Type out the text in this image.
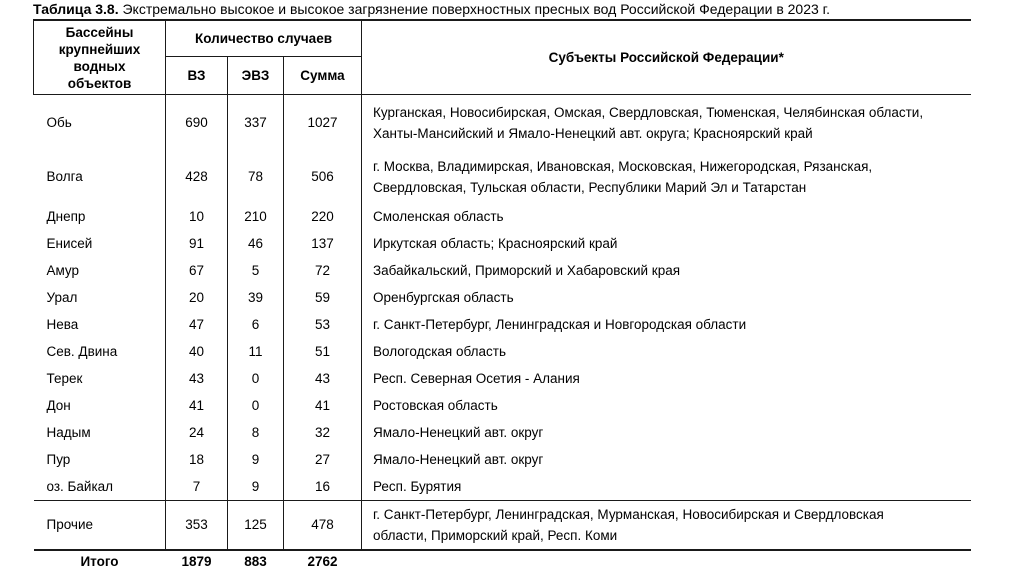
Таблица 3.8. Экстремально высокое и высокое загрязнение поверхностных пресных вод Российской Федерации в 2023 г.
Бассейны крупнейших водных объектов	Количество случаев			Субъекты Российской Федерации*
	ВЗ	ЭВЗ	Сумма	
Обь	690	337	1027	Курганская, Новосибирская, Омская, Свердловская, Тюменская, Челябинская области, Ханты-Мансийский и Ямало-Ненецкий авт. округа; Красноярский край
Волга	428	78	506	г. Москва, Владимирская, Ивановская, Московская, Нижегородская, Рязанская, Свердловская, Тульская области, Республики Марий Эл и Татарстан
Днепр	10	210	220	Смоленская область
Енисей	91	46	137	Иркутская область; Красноярский край
Амур	67	5	72	Забайкальский, Приморский и Хабаровский края
Урал	20	39	59	Оренбургская область
Нева	47	6	53	г. Санкт-Петербург, Ленинградская и Новгородская области
Сев. Двина	40	11	51	Вологодская область
Терек	43	0	43	Респ. Северная Осетия - Алания
Дон	41	0	41	Ростовская область
Надым	24	8	32	Ямало-Ненецкий авт. округ
Пур	18	9	27	Ямало-Ненецкий авт. округ
оз. Байкал	7	9	16	Респ. Бурятия
Прочие	353	125	478	г. Санкт-Петербург, Ленинградская, Мурманская, Новосибирская и Свердловская области, Приморский край, Респ. Коми
Итого	1879	883	2762	
